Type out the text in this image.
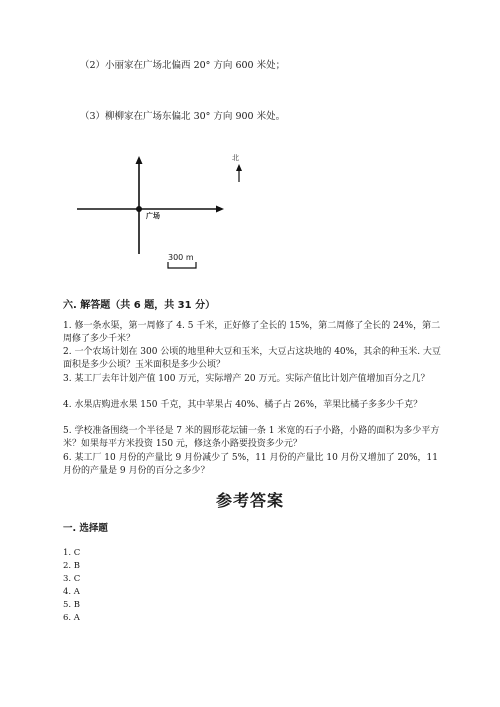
（2）小丽家在广场北偏西 20° 方向 600 米处；
（3）柳柳家在广场东偏北 30° 方向 900 米处。
北
广场
300 m
六. 解答题（共 6 题，共 31 分）
1. 修一条水渠，第一周修了 4. 5 千米，正好修了全长的 15%，第二周修了全长的 24%，第二周修了多少千米？
2. 一个农场计划在 300 公顷的地里种大豆和玉米，大豆占这块地的 40%，其余的种玉米. 大豆面积是多少公顷？玉米面积是多少公顷？
3. 某工厂去年计划产值 100 万元，实际增产 20 万元。实际产值比计划产值增加百分之几？
4. 水果店购进水果 150 千克，其中苹果占 40%、橘子占 26%，苹果比橘子多多少千克？
5. 学校准备围绕一个半径是 7 米的圆形花坛铺一条 1 米宽的石子小路，小路的面积为多少平方米？如果每平方米投资 150 元，修这条小路要投资多少元？
6. 某工厂 10 月份的产量比 9 月份减少了 5%，11 月份的产量比 10 月份又增加了 20%，11 月份的产量是 9 月份的百分之多少？
参考答案
一. 选择题
1. C
2. B
3. C
4. A
5. B
6. A
